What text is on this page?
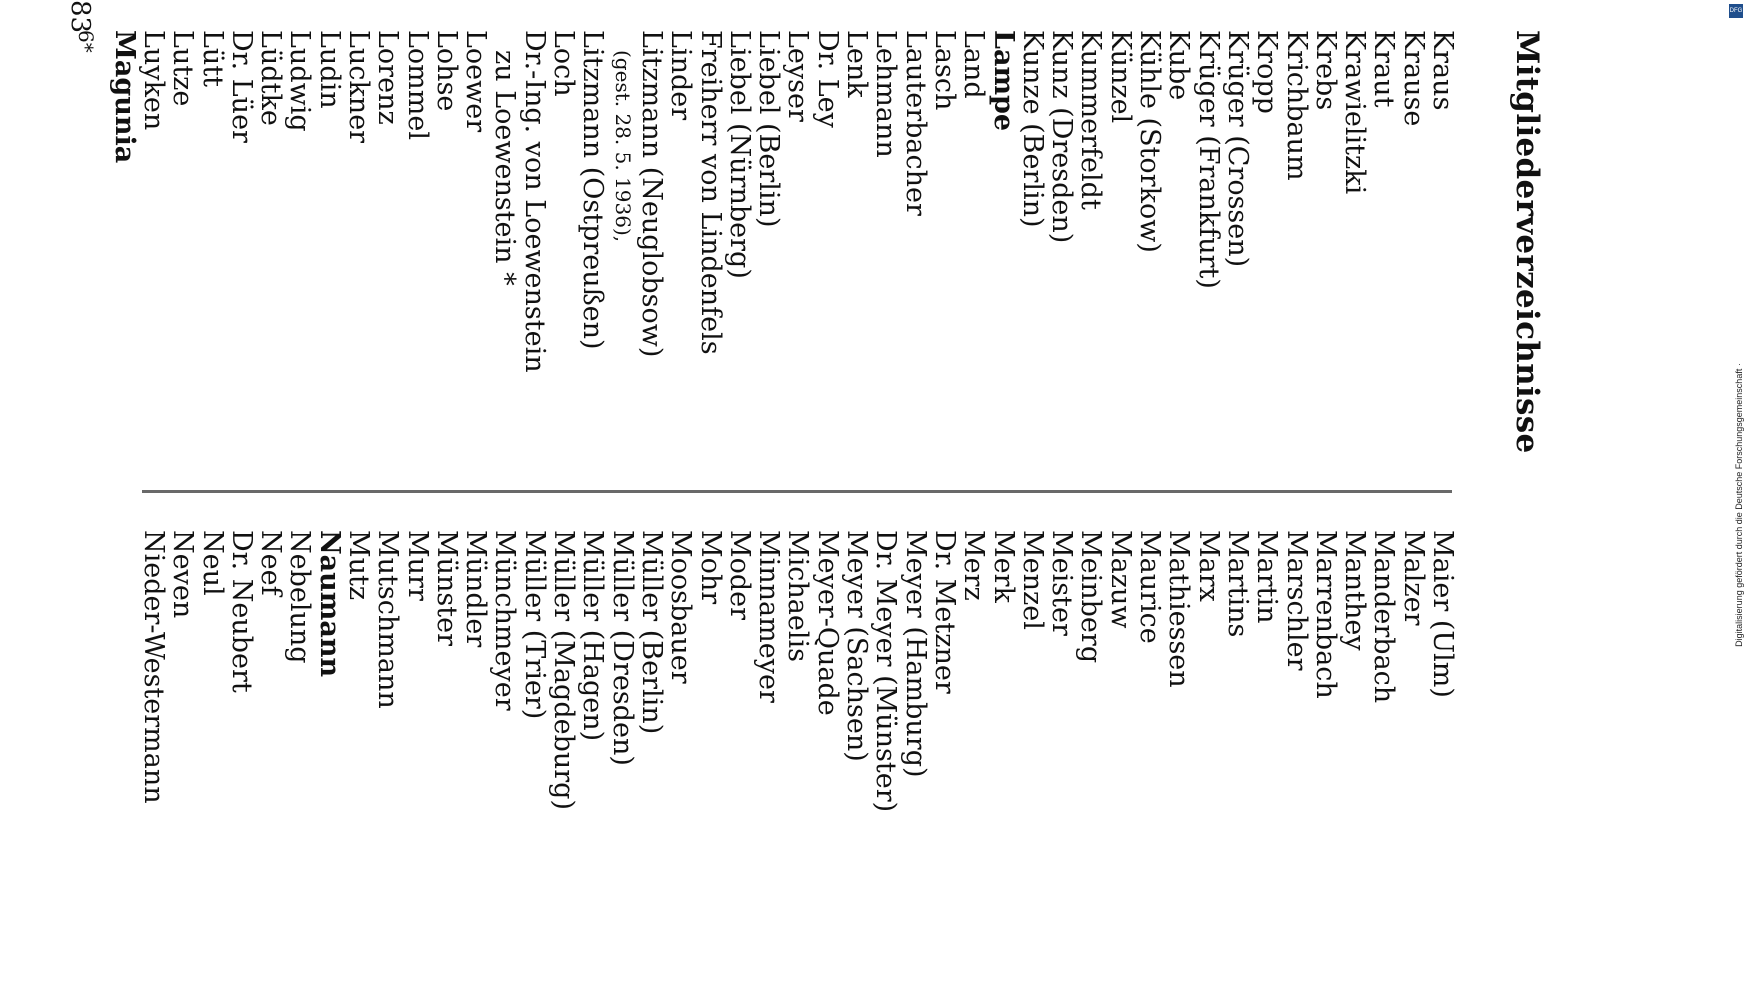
Mitgliederverzeichnisse
83
Kraus
Krause
Kraut
Krawielitzki
Krebs
Krichbaum
Kropp
Krüger (Crossen)
Krüger (Frankfurt)
Kube
Kühle (Storkow)
Künzel
Kummerfeldt
Kunz (Dresden)
Kunze (Berlin)
Lampe
Land
Lasch
Lauterbacher
Lehmann
Lenk
Dr. Ley
Leyser
Liebel (Berlin)
Liebel (Nürnberg)
Freiherr von Lindenfels
Linder
Litzmann (Neuglobsow)
(gest. 28. 5. 1936),
Litzmann (Ostpreußen)
Loch
Dr.-Ing. von Loewenstein
zu Loewenstein *
Loewer
Lohse
Lommel
Lorenz
Luckner
Ludin
Ludwig
Lüdtke
Dr. Lüer
Lütt
Lutze
Luyken
Magunia
Maier (Ulm)
Malzer
Manderbach
Manthey
Marrenbach
Marschler
Martin
Martins
Marx
Mathiessen
Maurice
Mazuw
Meinberg
Meister
Menzel
Merk
Merz
Dr. Metzner
Meyer (Hamburg)
Dr. Meyer (Münster)
Meyer (Sachsen)
Meyer-Quade
Michaelis
Minnameyer
Moder
Mohr
Moosbauer
Müller (Berlin)
Müller (Dresden)
Müller (Hagen)
Müller (Magdeburg)
Müller (Trier)
Münchmeyer
Mündler
Münster
Murr
Mutschmann
Mutz
Naumann
Nebelung
Neef
Dr. Neubert
Neul
Neven
Nieder-Westermann
6*
DFG
Digitalisierung gefördert durch die Deutsche Forschungsgemeinschaft ·
